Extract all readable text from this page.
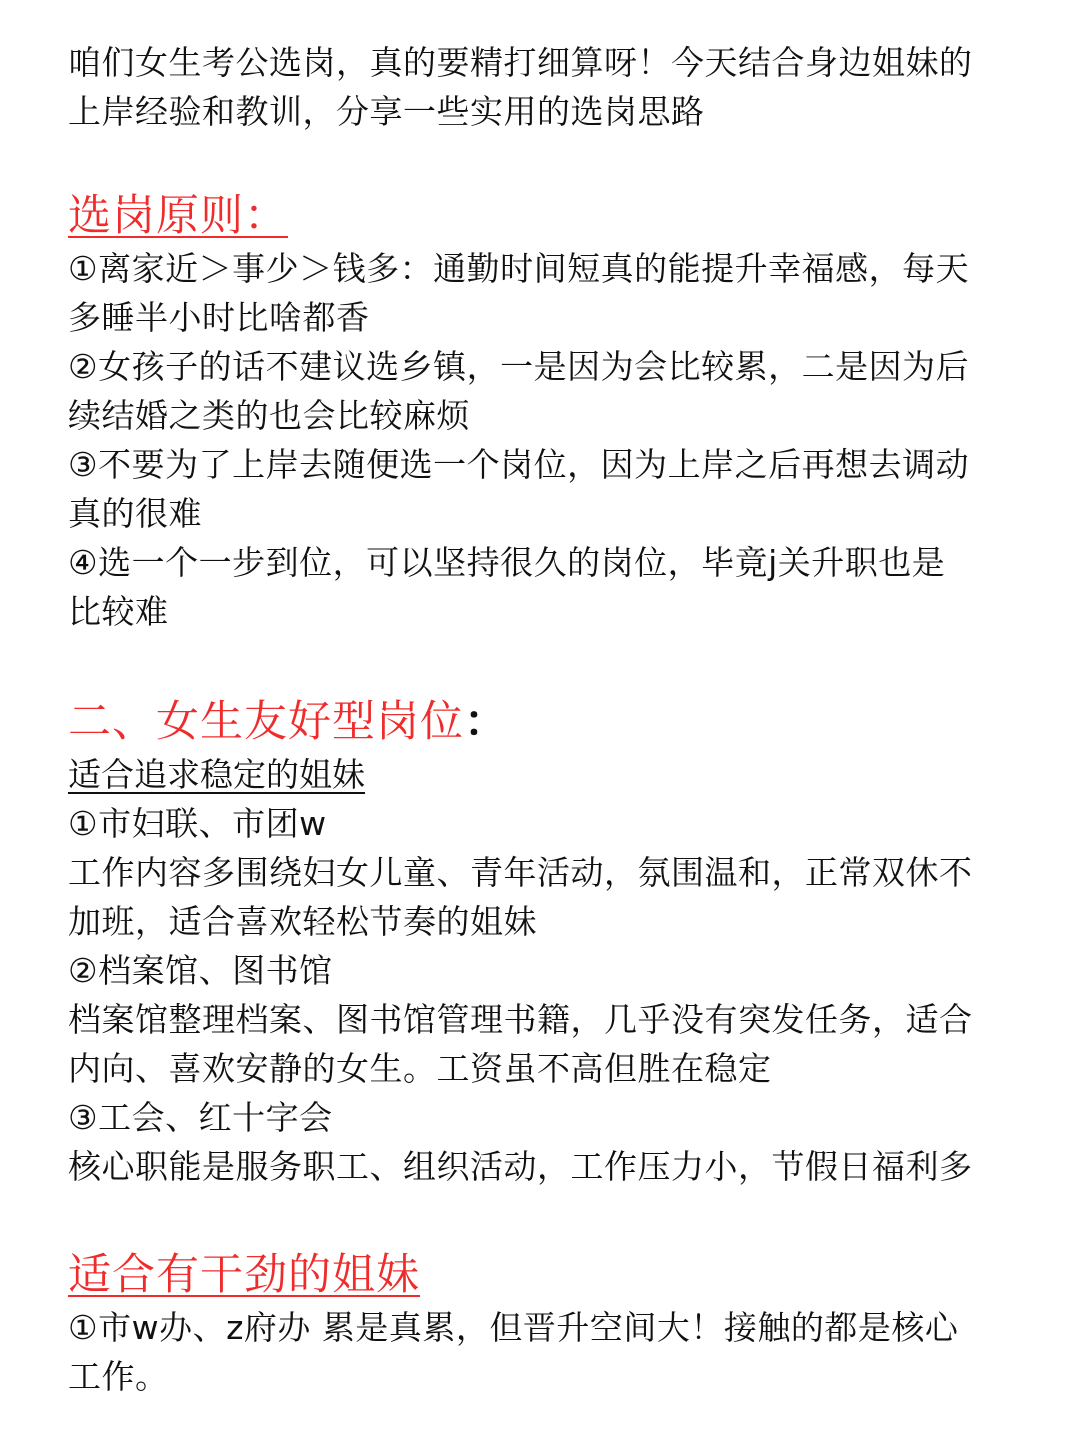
咱们女生考公选岗，真的要精打细算呀！今天结合身边姐妹的

上岸经验和教训，分享一些实用的选岗思路

选岗原则：

①离家近＞事少＞钱多：通勤时间短真的能提升幸福感，每天

多睡半小时比啥都香

②女孩子的话不建议选乡镇，一是因为会比较累，二是因为后

续结婚之类的也会比较麻烦

③不要为了上岸去随便选一个岗位，因为上岸之后再想去调动

真的很难

④选一个一步到位，可以坚持很久的岗位，毕竟j关升职也是

比较难

二、女生友好型岗位：

适合追求稳定的姐妹

①市妇联、市团w

工作内容多围绕妇女儿童、青年活动，氛围温和，正常双休不

加班，适合喜欢轻松节奏的姐妹

②档案馆、图书馆

档案馆整理档案、图书馆管理书籍，几乎没有突发任务，适合

内向、喜欢安静的女生。工资虽不高但胜在稳定

③工会、红十字会

核心职能是服务职工、组织活动，工作压力小，节假日福利多

适合有干劲的姐妹

①市w办、z府办 累是真累，但晋升空间大！接触的都是核心

工作。
